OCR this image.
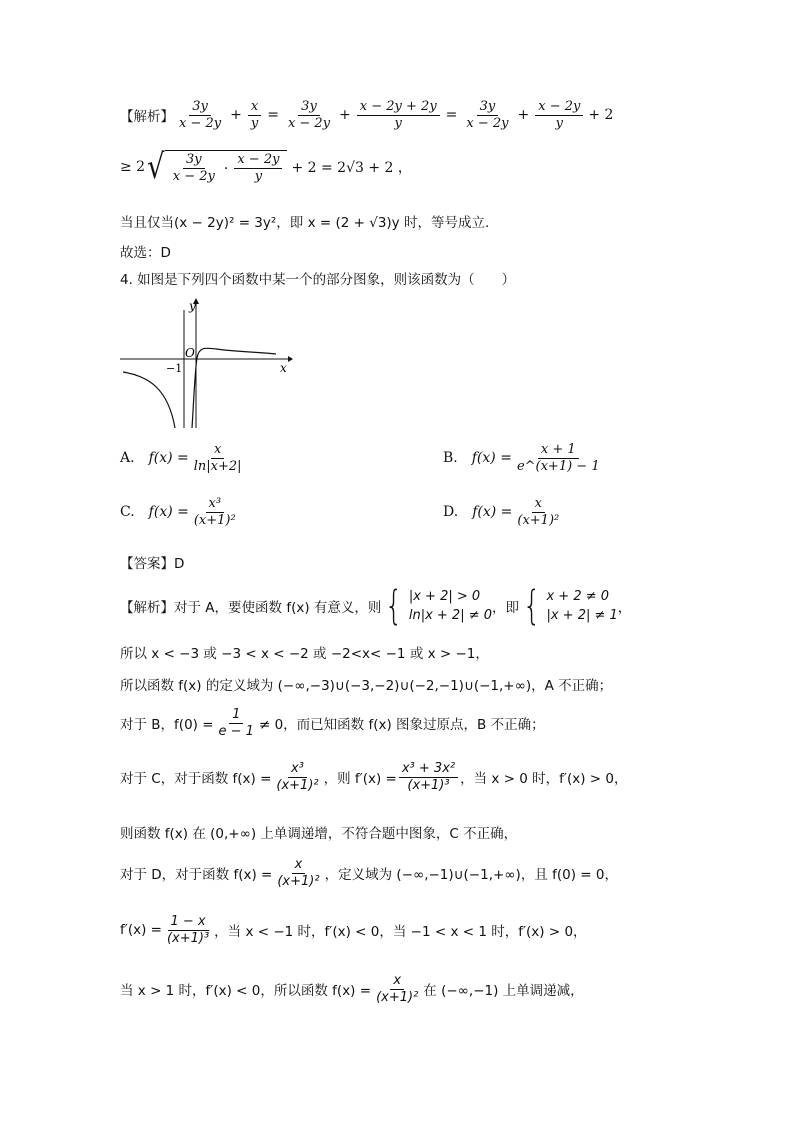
【解析】 $\frac{3y}{x - 2y} + \frac{x}{y} = \frac{3y}{x - 2y} + \frac{x - 2y + 2y}{y} = \frac{3y}{x - 2y} + \frac{x - 2y}{y} + 2$
≥ 2 √ $\frac{3y}{x - 2y} \cdot \frac{x - 2y}{y} + 2 = 2√3 + 2$ ，
当且仅当(x − 2y)² = 3y²，即 x = (2 + √3)y 时，等号成立.
故选：D
4. 如图是下列四个函数中某一个的部分图象，则该函数为（　　）
y
x
O
−1
A. $f(x) = \frac{x}{\ln|x+2|}$	B. $f(x) = \frac{x + 1}{e\^{}(x+1) - 1}$
C. $f(x) = \frac{\text{x³}}{\text{(x+1)²}}$	D. $f(x) = \frac{x}{\text{(x+1)²}}$
【答案】D
【解析】对于 A，要使函数 f(x) 有意义，则 { |x + 2| > 0
ln|x + 2| ≠ 0 ，即 { x + 2 ≠ 0
|x + 2| ≠ 1 ，
所以 x < −3 或 −3 < x < −2 或 −2<x< −1 或 x > −1，
所以函数 f(x) 的定义域为 (−∞,−3)∪(−3,−2)∪(−2,−1)∪(−1,+∞)，A 不正确；
对于 B，$f(0) = \frac{1}{e - 1} \ne 0$，而已知函数 f(x) 图象过原点，B 不正确；
对于 C，对于函数 $f(x) = \frac{\text{x³}}{\text{(x+1)²}}$ ，则 $f'(x) = \frac{\text{x³ + 3x²}}{\text{(x+1)³}}$ ，当 x > 0 时，f′(x) > 0，
则函数 f(x) 在 (0,+∞) 上单调递增，不符合题中图象，C 不正确，
对于 D，对于函数 $f(x) = \frac{x}{\text{(x+1)²}}$ ，定义域为 (−∞,−1)∪(−1,+∞)，且 f(0) = 0，
$f'(x) = \frac{1 - x}{\text{(x+1)³}}$ ，当 x < −1 时，f′(x) < 0，当 −1 < x < 1 时，f′(x) > 0，
当 x > 1 时，f′(x) < 0，所以函数 $f(x) = \frac{x}{\text{(x+1)²}}$ 在 (−∞,−1) 上单调递减，
